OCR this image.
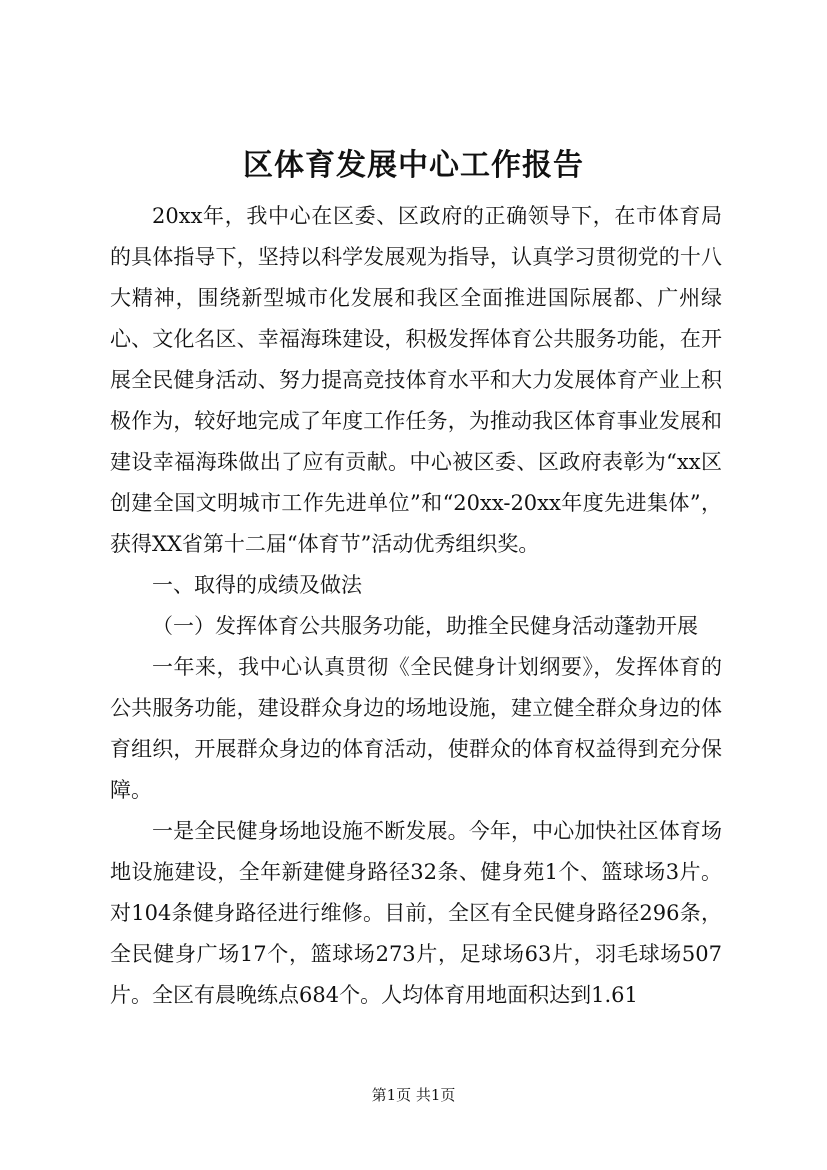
区体育发展中心工作报告

20xx年，我中心在区委、区政府的正确领导下，在市体育局的具体指导下，坚持以科学发展观为指导，认真学习贯彻党的十八大精神，围绕新型城市化发展和我区全面推进国际展都、广州绿心、文化名区、幸福海珠建设，积极发挥体育公共服务功能，在开展全民健身活动、努力提高竞技体育水平和大力发展体育产业上积极作为，较好地完成了年度工作任务，为推动我区体育事业发展和建设幸福海珠做出了应有贡献。中心被区委、区政府表彰为“xx区创建全国文明城市工作先进单位”和“20xx-20xx年度先进集体”，获得XX省第十二届“体育节”活动优秀组织奖。

一、取得的成绩及做法

（一）发挥体育公共服务功能，助推全民健身活动蓬勃开展

一年来，我中心认真贯彻《全民健身计划纲要》，发挥体育的公共服务功能，建设群众身边的场地设施，建立健全群众身边的体育组织，开展群众身边的体育活动，使群众的体育权益得到充分保障。

一是全民健身场地设施不断发展。今年，中心加快社区体育场地设施建设，全年新建健身路径32条、健身苑1个、篮球场3片。对104条健身路径进行维修。目前，全区有全民健身路径296条，全民健身广场17个，篮球场273片，足球场63片，羽毛球场507片。全区有晨晚练点684个。人均体育用地面积达到1.61

第1页 共1页
